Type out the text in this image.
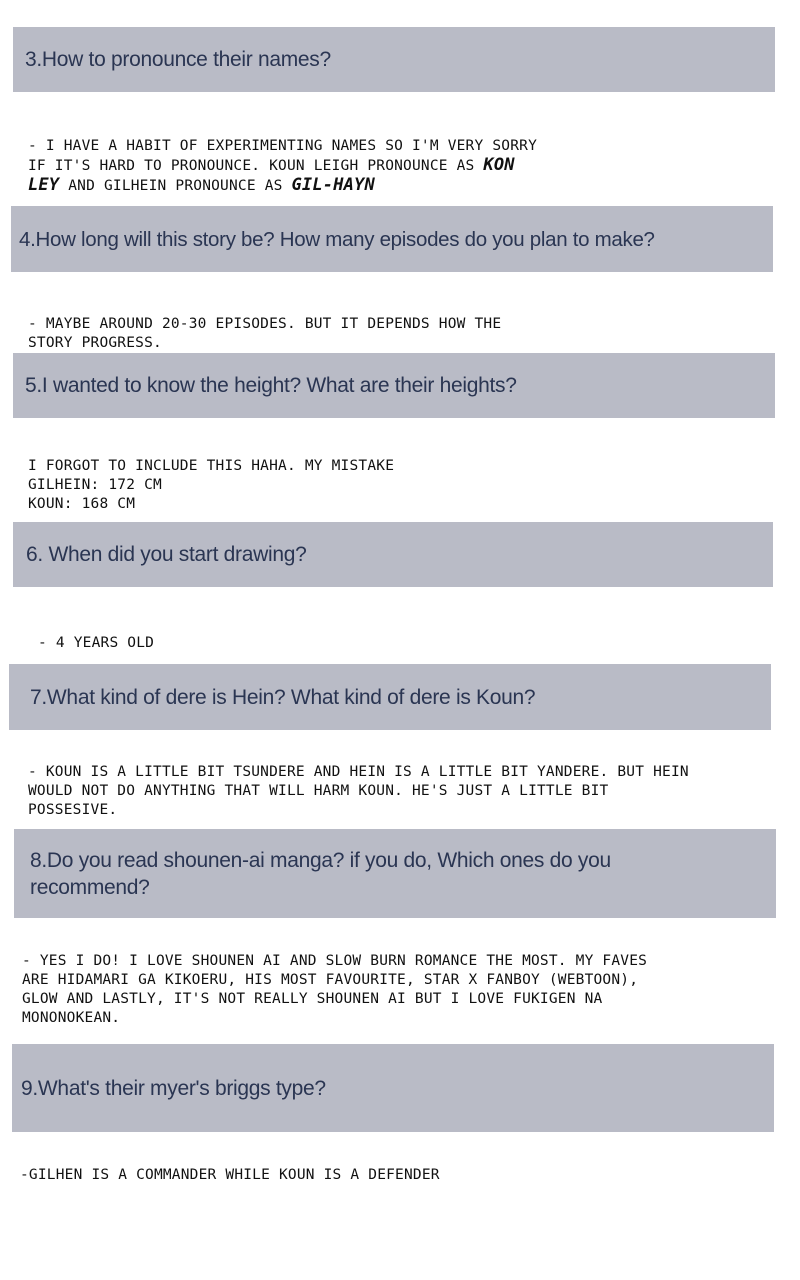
3.How to pronounce their names?

- I HAVE A HABIT OF EXPERIMENTING NAMES SO I'M VERY SORRY
IF IT'S HARD TO PRONOUNCE. KOUN LEIGH PRONOUNCE AS KON
LEY AND GILHEIN PRONOUNCE AS GIL-HAYN

4.How long will this story be? How many episodes do you plan to make?

- MAYBE AROUND 20-30 EPISODES. BUT IT DEPENDS HOW THE
STORY PROGRESS.

5.I wanted to know the height? What are their heights?

I FORGOT TO INCLUDE THIS HAHA. MY MISTAKE
GILHEIN: 172 CM
KOUN: 168 CM

6. When did you start drawing?

- 4 YEARS OLD

7.What kind of dere is Hein? What kind of dere is Koun?

- KOUN IS A LITTLE BIT TSUNDERE AND HEIN IS A LITTLE BIT YANDERE. BUT HEIN
WOULD NOT DO ANYTHING THAT WILL HARM KOUN. HE'S JUST A LITTLE BIT
POSSESIVE.

8.Do you read shounen-ai manga? if you do, Which ones do you recommend?

- YES I DO! I LOVE SHOUNEN AI AND SLOW BURN ROMANCE THE MOST. MY FAVES
ARE HIDAMARI GA KIKOERU, HIS MOST FAVOURITE, STAR X FANBOY (WEBTOON),
GLOW AND LASTLY, IT'S NOT REALLY SHOUNEN AI BUT I LOVE FUKIGEN NA
MONONOKEAN.

9.What's their myer's briggs type?

-GILHEN IS A COMMANDER WHILE KOUN IS A DEFENDER
